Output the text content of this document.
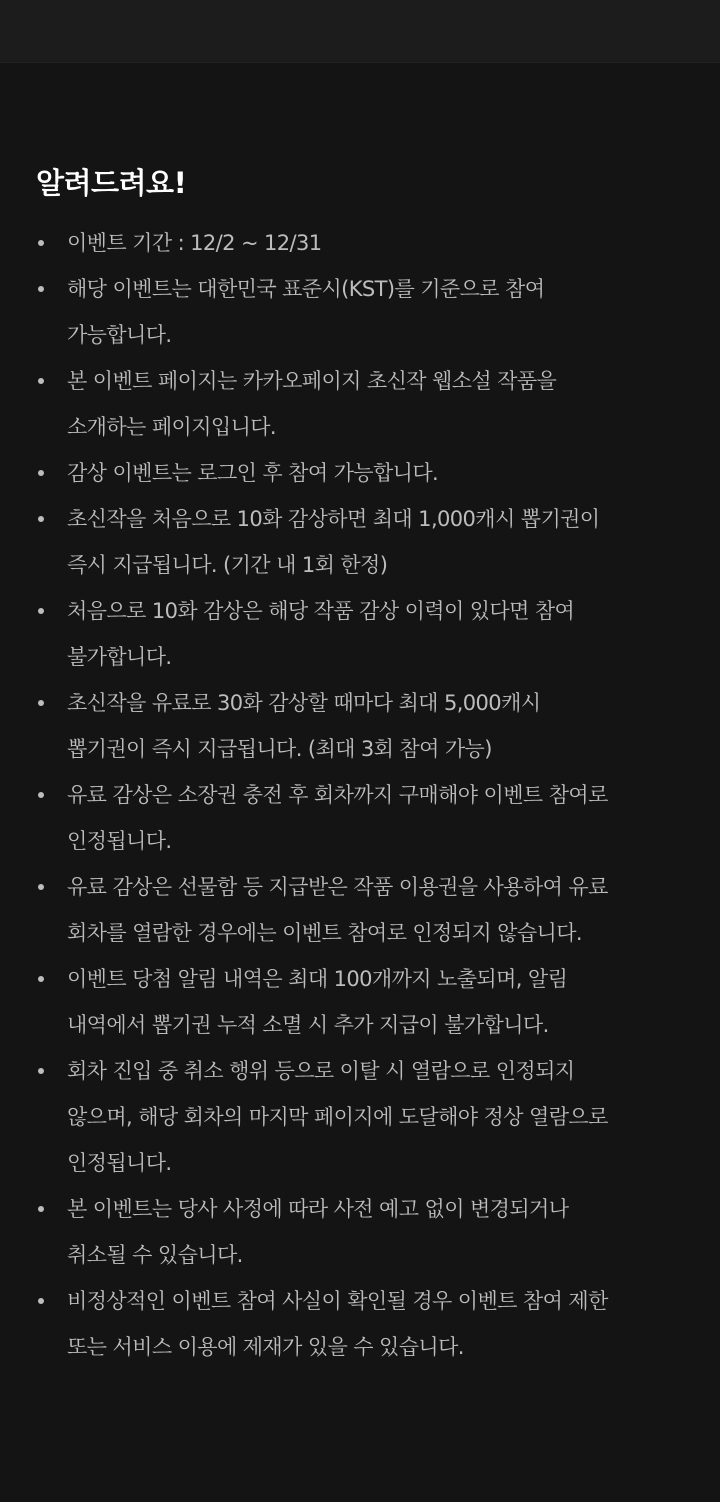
알려드려요!
이벤트 기간 : 12/2 ~ 12/31
해당 이벤트는 대한민국 표준시(KST)를 기준으로 참여
가능합니다.
본 이벤트 페이지는 카카오페이지 초신작 웹소설 작품을
소개하는 페이지입니다.
감상 이벤트는 로그인 후 참여 가능합니다.
초신작을 처음으로 10화 감상하면 최대 1,000캐시 뽑기권이
즉시 지급됩니다. (기간 내 1회 한정)
처음으로 10화 감상은 해당 작품 감상 이력이 있다면 참여
불가합니다.
초신작을 유료로 30화 감상할 때마다 최대 5,000캐시
뽑기권이 즉시 지급됩니다. (최대 3회 참여 가능)
유료 감상은 소장권 충전 후 회차까지 구매해야 이벤트 참여로
인정됩니다.
유료 감상은 선물함 등 지급받은 작품 이용권을 사용하여 유료
회차를 열람한 경우에는 이벤트 참여로 인정되지 않습니다.
이벤트 당첨 알림 내역은 최대 100개까지 노출되며, 알림
내역에서 뽑기권 누적 소멸 시 추가 지급이 불가합니다.
회차 진입 중 취소 행위 등으로 이탈 시 열람으로 인정되지
않으며, 해당 회차의 마지막 페이지에 도달해야 정상 열람으로
인정됩니다.
본 이벤트는 당사 사정에 따라 사전 예고 없이 변경되거나
취소될 수 있습니다.
비정상적인 이벤트 참여 사실이 확인될 경우 이벤트 참여 제한
또는 서비스 이용에 제재가 있을 수 있습니다.
